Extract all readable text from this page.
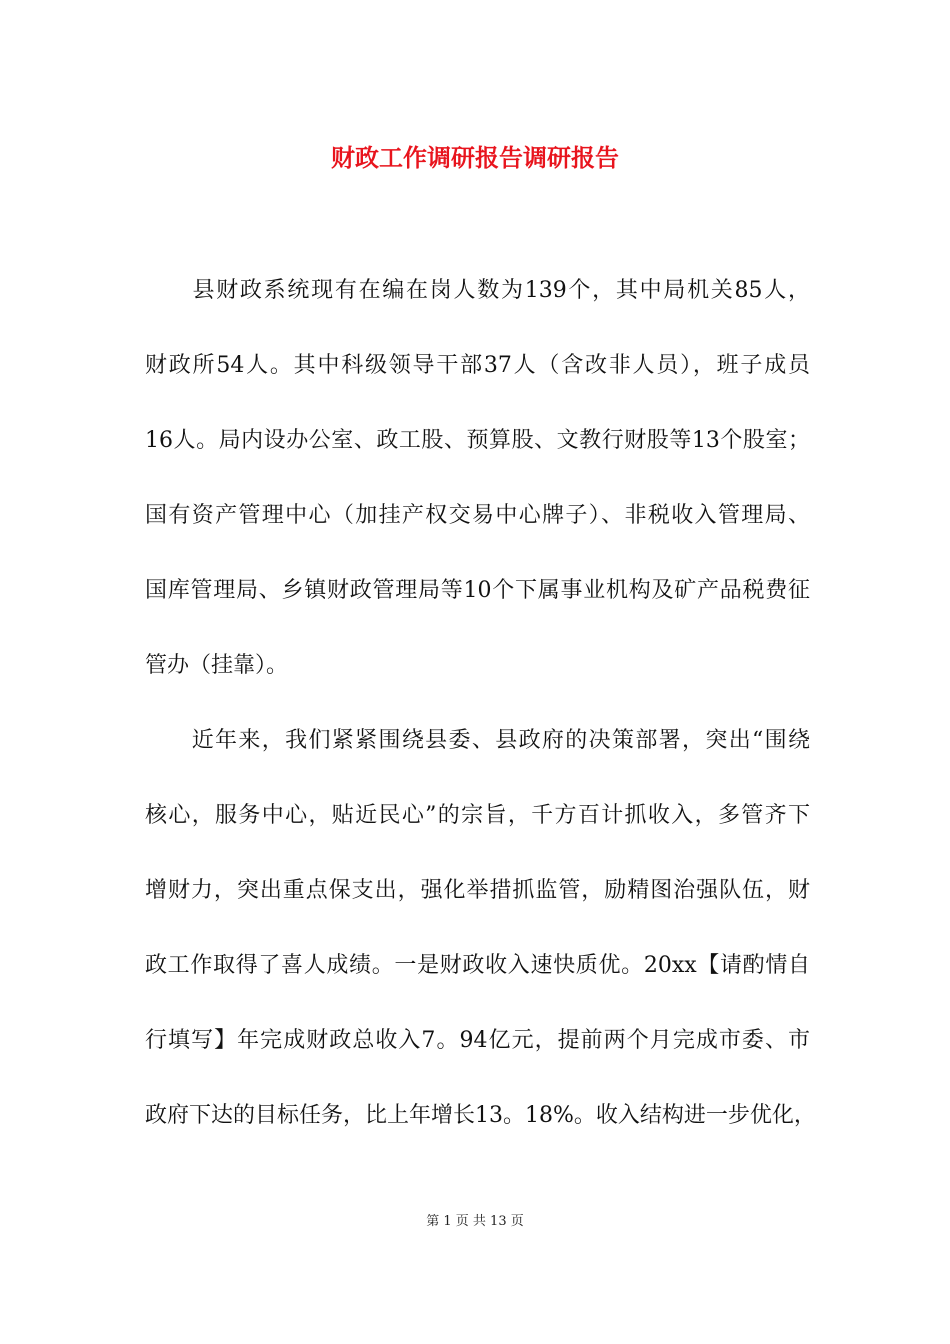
财政工作调研报告调研报告
　　县财政系统现有在编在岗人数为139个，其中局机关85人，
财政所54人。其中科级领导干部37人（含改非人员），班子成员
16人。局内设办公室、政工股、预算股、文教行财股等13个股室；
国有资产管理中心（加挂产权交易中心牌子）、非税收入管理局、
国库管理局、乡镇财政管理局等10个下属事业机构及矿产品税费征
管办（挂靠）。
　　近年来，我们紧紧围绕县委、县政府的决策部署，突出“围绕
核心，服务中心，贴近民心”的宗旨，千方百计抓收入，多管齐下
增财力，突出重点保支出，强化举措抓监管，励精图治强队伍，财
政工作取得了喜人成绩。一是财政收入速快质优。20xx【请酌情自
行填写】年完成财政总收入7。94亿元，提前两个月完成市委、市
政府下达的目标任务，比上年增长13。18%。收入结构进一步优化，
第 1 页 共 13 页
